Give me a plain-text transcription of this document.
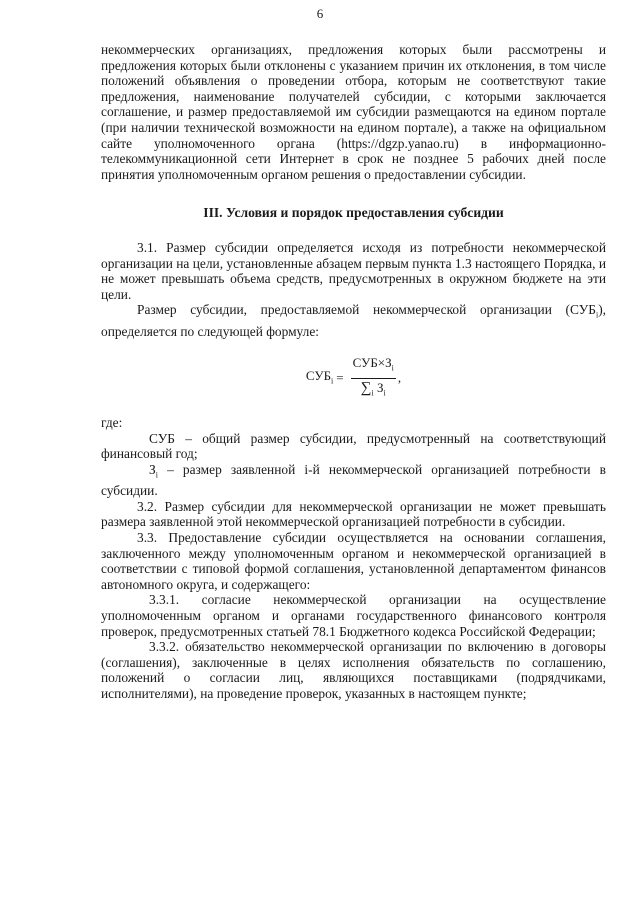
6

некоммерческих организациях, предложения которых были рассмотрены и предложения которых были отклонены с указанием причин их отклонения, в том числе положений объявления о проведении отбора, которым не соответствуют такие предложения, наименование получателей субсидии, с которыми заключается соглашение, и размер предоставляемой им субсидии размещаются на едином портале (при наличии технической возможности на едином портале), а также на официальном сайте уполномоченного органа (https://dgzp.yanao.ru) в информационно-телекоммуникационной сети Интернет в срок не позднее 5 рабочих дней после принятия уполномоченным органом решения о предоставлении субсидии.

III. Условия и порядок предоставления субсидии

3.1. Размер субсидии определяется исходя из потребности некоммерческой организации на цели, установленные абзацем первым пункта 1.3 настоящего Порядка, и не может превышать объема средств, предусмотренных в окружном бюджете на эти цели.

Размер субсидии, предоставляемой некоммерческой организации $(СУБ_i)$, определяется по следующей формуле:

$СУБ_i = \frac{СУБ\times З_i}{\sum_i З_i}$ ,

где:

СУБ – общий размер субсидии, предусмотренный на соответствующий финансовый год;

$З_i$ – размер заявленной i-й некоммерческой организацией потребности в субсидии.

3.2. Размер субсидии для некоммерческой организации не может превышать размера заявленной этой некоммерческой организацией потребности в субсидии.

3.3. Предоставление субсидии осуществляется на основании соглашения, заключенного между уполномоченным органом и некоммерческой организацией в соответствии с типовой формой соглашения, установленной департаментом финансов автономного округа, и содержащего:

3.3.1. согласие некоммерческой организации на осуществление уполномоченным органом и органами государственного финансового контроля проверок, предусмотренных статьей 78.1 Бюджетного кодекса Российской Федерации;

3.3.2. обязательство некоммерческой организации по включению в договоры (соглашения), заключенные в целях исполнения обязательств по соглашению, положений о согласии лиц, являющихся поставщиками (подрядчиками, исполнителями), на проведение проверок, указанных в настоящем пункте;
